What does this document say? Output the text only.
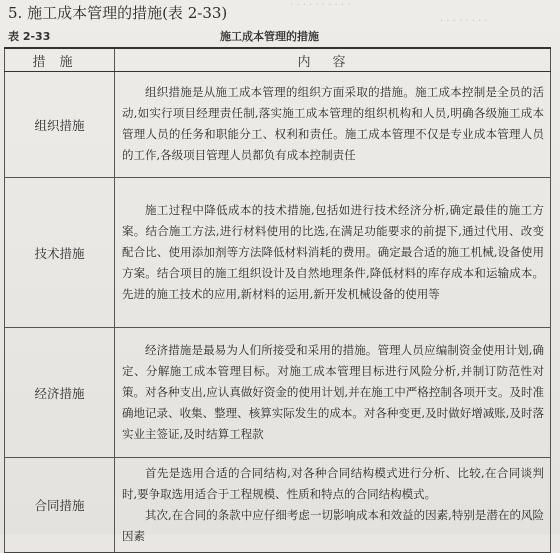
· · · · · · · · · ·
· · · · · · · ·
5. 施工成本管理的措施(表 2-33)
表 2-33	施工成本管理的措施
措施	内容
组织措施	组织措施是从施工成本管理的组织方面采取的措施。施工成本控制是全员的活动,如实行项目经理责任制,落实施工成本管理的组织机构和人员,明确各级施工成本管理人员的任务和职能分工、权利和责任。施工成本管理不仅是专业成本管理人员的工作,各级项目管理人员都负有成本控制责任

技术措施	施工过程中降低成本的技术措施,包括如进行技术经济分析,确定最佳的施工方案。结合施工方法,进行材料使用的比选,在满足功能要求的前提下,通过代用、改变配合比、使用添加剂等方法降低材料消耗的费用。确定最合适的施工机械,设备使用方案。结合项目的施工组织设计及自然地理条件,降低材料的库存成本和运输成本。先进的施工技术的应用,新材料的运用,新开发机械设备的使用等

经济措施	经济措施是最易为人们所接受和采用的措施。管理人员应编制资金使用计划,确定、分解施工成本管理目标。对施工成本管理目标进行风险分析,并制订防范性对策。对各种支出,应认真做好资金的使用计划,并在施工中严格控制各项开支。及时准确地记录、收集、整理、核算实际发生的成本。对各种变更,及时做好增减账,及时落实业主签证,及时结算工程款

合同措施	首先是选用合适的合同结构,对各种合同结构模式进行分析、比较,在合同谈判时,要争取选用适合于工程规模、性质和特点的合同结构模式。

其次,在合同的条款中应仔细考虑一切影响成本和效益的因素,特别是潜在的风险因素
